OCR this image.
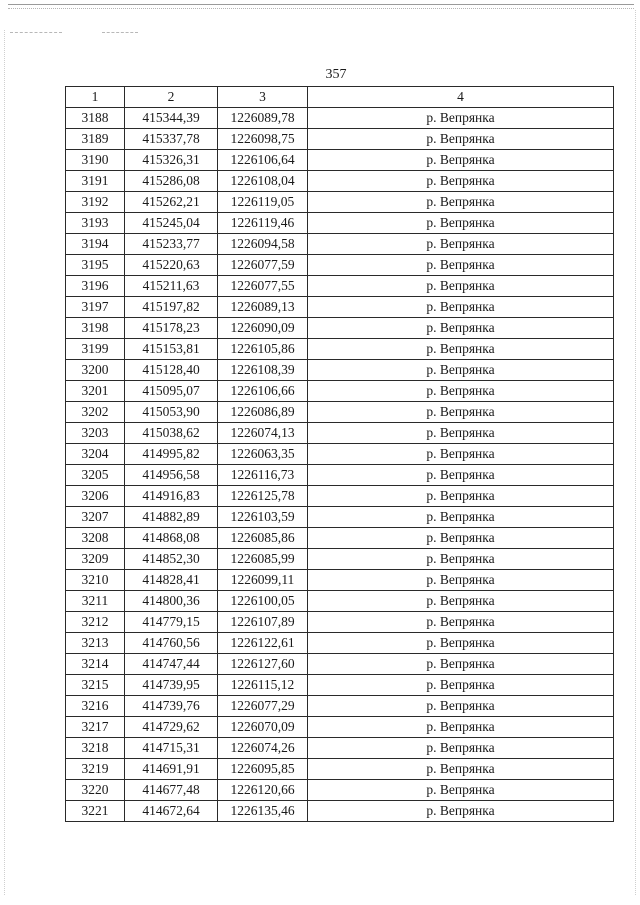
357
1	2	3	4
3188	415344,39	1226089,78	р. Вепрянка
3189	415337,78	1226098,75	р. Вепрянка
3190	415326,31	1226106,64	р. Вепрянка
3191	415286,08	1226108,04	р. Вепрянка
3192	415262,21	1226119,05	р. Вепрянка
3193	415245,04	1226119,46	р. Вепрянка
3194	415233,77	1226094,58	р. Вепрянка
3195	415220,63	1226077,59	р. Вепрянка
3196	415211,63	1226077,55	р. Вепрянка
3197	415197,82	1226089,13	р. Вепрянка
3198	415178,23	1226090,09	р. Вепрянка
3199	415153,81	1226105,86	р. Вепрянка
3200	415128,40	1226108,39	р. Вепрянка
3201	415095,07	1226106,66	р. Вепрянка
3202	415053,90	1226086,89	р. Вепрянка
3203	415038,62	1226074,13	р. Вепрянка
3204	414995,82	1226063,35	р. Вепрянка
3205	414956,58	1226116,73	р. Вепрянка
3206	414916,83	1226125,78	р. Вепрянка
3207	414882,89	1226103,59	р. Вепрянка
3208	414868,08	1226085,86	р. Вепрянка
3209	414852,30	1226085,99	р. Вепрянка
3210	414828,41	1226099,11	р. Вепрянка
3211	414800,36	1226100,05	р. Вепрянка
3212	414779,15	1226107,89	р. Вепрянка
3213	414760,56	1226122,61	р. Вепрянка
3214	414747,44	1226127,60	р. Вепрянка
3215	414739,95	1226115,12	р. Вепрянка
3216	414739,76	1226077,29	р. Вепрянка
3217	414729,62	1226070,09	р. Вепрянка
3218	414715,31	1226074,26	р. Вепрянка
3219	414691,91	1226095,85	р. Вепрянка
3220	414677,48	1226120,66	р. Вепрянка
3221	414672,64	1226135,46	р. Вепрянка
